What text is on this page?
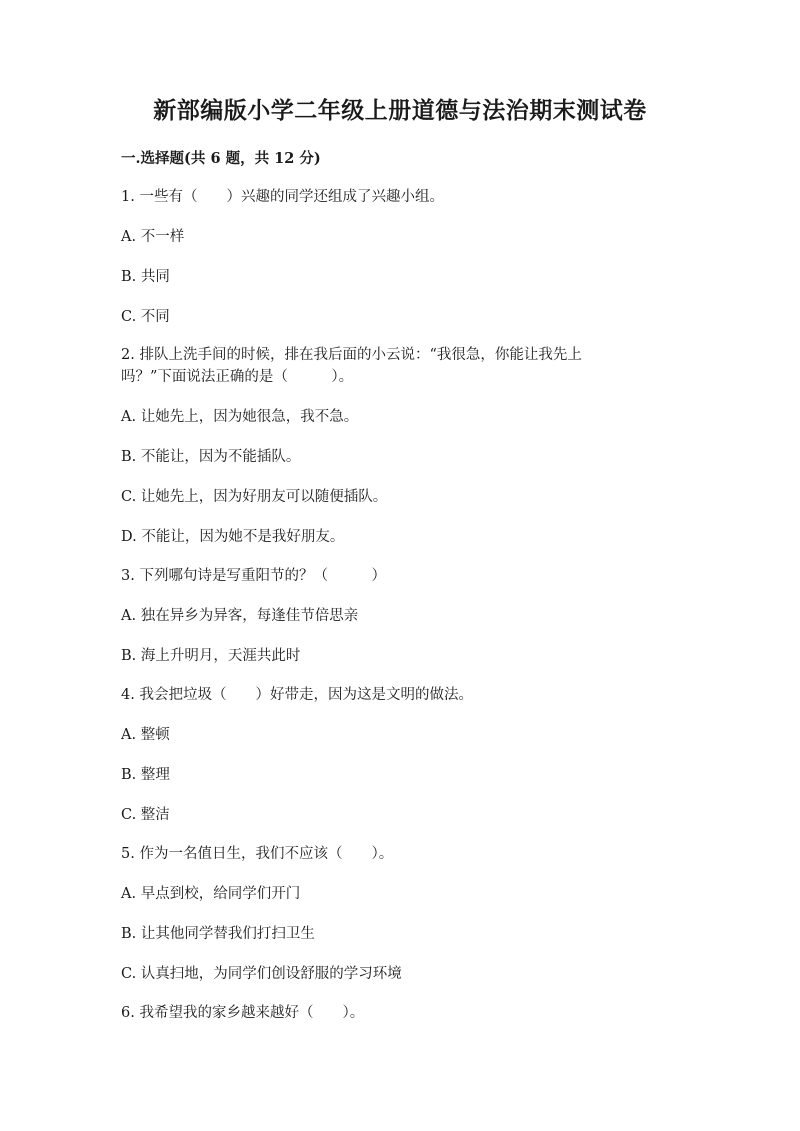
新部编版小学二年级上册道德与法治期末测试卷
一.选择题(共 6 题，共 12 分)
1. 一些有（　　）兴趣的同学还组成了兴趣小组。
A. 不一样
B. 共同
C. 不同
2. 排队上洗手间的时候，排在我后面的小云说：“我很急，你能让我先上
吗？”下面说法正确的是（　　　）。
A. 让她先上，因为她很急，我不急。
B. 不能让，因为不能插队。
C. 让她先上，因为好朋友可以随便插队。
D. 不能让，因为她不是我好朋友。
3. 下列哪句诗是写重阳节的？（　　　）
A. 独在异乡为异客，每逢佳节倍思亲
B. 海上升明月，天涯共此时
4. 我会把垃圾（　　）好带走，因为这是文明的做法。
A. 整顿
B. 整理
C. 整洁
5. 作为一名值日生，我们不应该（　　）。
A. 早点到校，给同学们开门
B. 让其他同学替我们打扫卫生
C. 认真扫地，为同学们创设舒服的学习环境
6. 我希望我的家乡越来越好（　　）。
